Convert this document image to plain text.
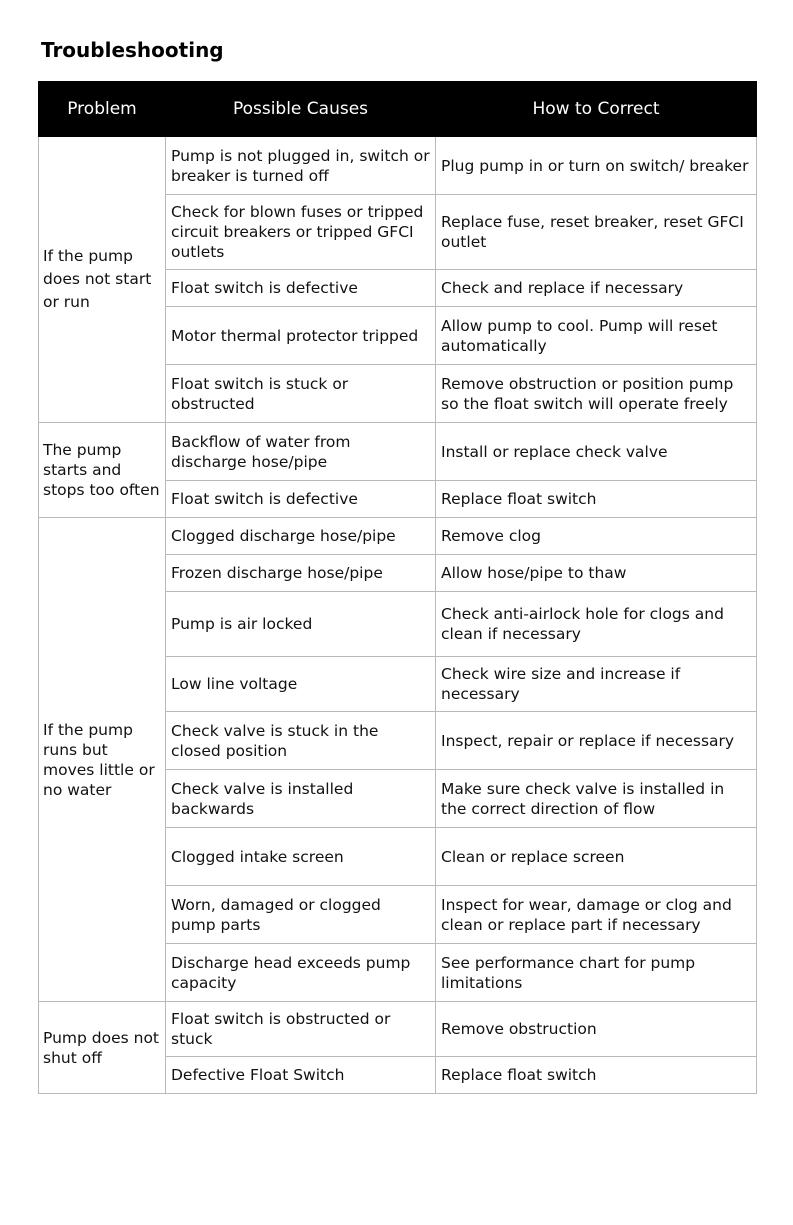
Troubleshooting
Problem	Possible Causes	How to Correct

If the pump does not start or run	Pump is not plugged in, switch or breaker is turned off	Plug pump in or turn on switch/ breaker
	Check for blown fuses or tripped circuit breakers or tripped GFCI outlets	Replace fuse, reset breaker, reset GFCI outlet
	Float switch is defective	Check and replace if necessary
	Motor thermal protector tripped	Allow pump to cool. Pump will reset automatically
	Float switch is stuck or obstructed	Remove obstruction or position pump so the float switch will operate freely

The pump starts and stops too often	Backflow of water from discharge hose/pipe	Install or replace check valve
	Float switch is defective	Replace float switch

If the pump runs but moves little or no water	Clogged discharge hose/pipe	Remove clog
	Frozen discharge hose/pipe	Allow hose/pipe to thaw
	Pump is air locked	Check anti-airlock hole for clogs and clean if necessary
	Low line voltage	Check wire size and increase if necessary
	Check valve is stuck in the closed position	Inspect, repair or replace if necessary
	Check valve is installed backwards	Make sure check valve is installed in the correct direction of flow
	Clogged intake screen	Clean or replace screen
	Worn, damaged or clogged pump parts	Inspect for wear, damage or clog and clean or replace part if necessary
	Discharge head exceeds pump capacity	See performance chart for pump limitations

Pump does not shut off	Float switch is obstructed or stuck	Remove obstruction
	Defective Float Switch	Replace float switch
